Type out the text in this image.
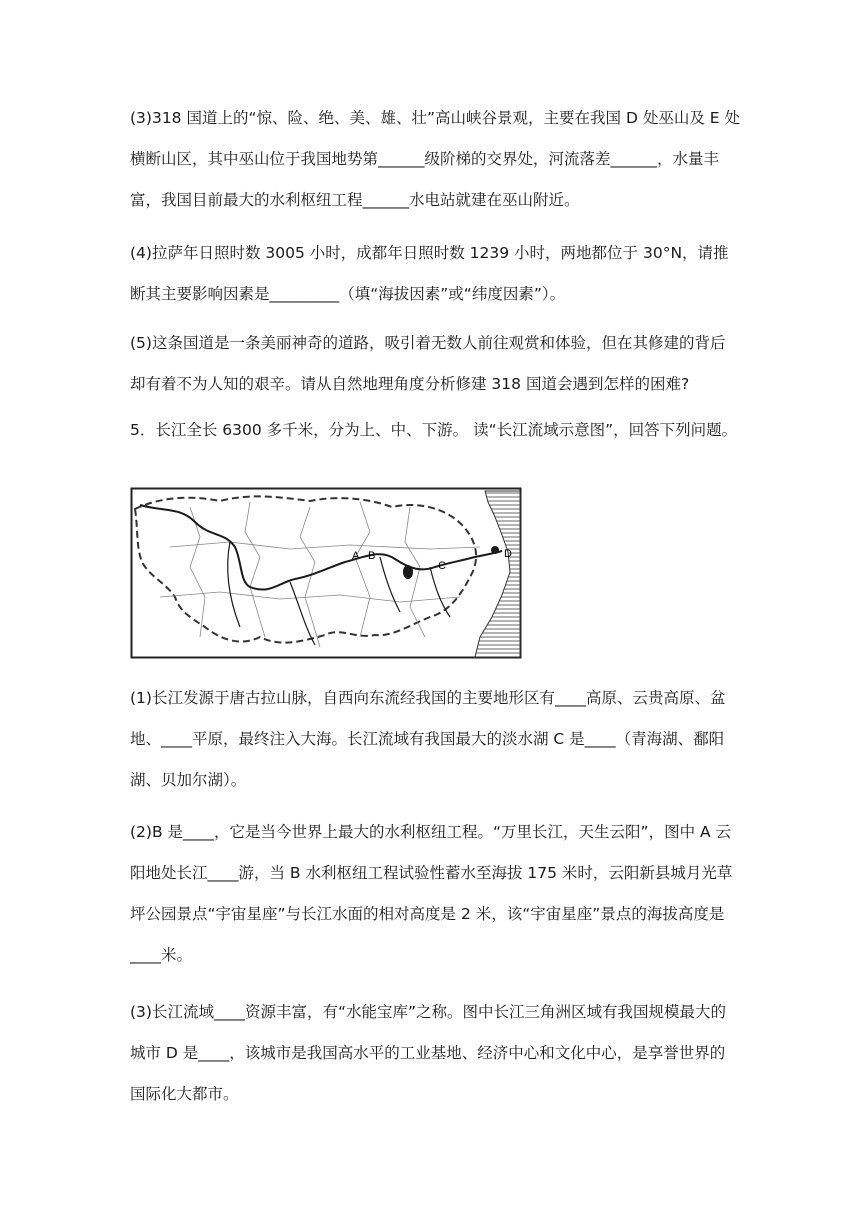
(3)318 国道上的“惊、险、绝、美、雄、壮”高山峡谷景观，主要在我国 D 处巫山及 E 处横断山区，其中巫山位于我国地势第______级阶梯的交界处，河流落差______，水量丰富，我国目前最大的水利枢纽工程______水电站就建在巫山附近。

(4)拉萨年日照时数 3005 小时，成都年日照时数 1239 小时，两地都位于 30°N，请推断其主要影响因素是_________（填“海拔因素”或“纬度因素”）。

(5)这条国道是一条美丽神奇的道路，吸引着无数人前往观赏和体验，但在其修建的背后却有着不为人知的艰辛。请从自然地理角度分析修建 318 国道会遇到怎样的困难?

5．长江全长 6300 多千米，分为上、中、下游。 读“长江流域示意图”，回答下列问题。

A B
C
D

(1)长江发源于唐古拉山脉，自西向东流经我国的主要地形区有____高原、云贵高原、盆地、____平原，最终注入大海。长江流域有我国最大的淡水湖 C 是____（青海湖、鄱阳湖、贝加尔湖）。

(2)B 是____，它是当今世界上最大的水利枢纽工程。“万里长江，天生云阳”，图中 A 云阳地处长江____游，当 B 水利枢纽工程试验性蓄水至海拔 175 米时，云阳新县城月光草坪公园景点“宇宙星座”与长江水面的相对高度是 2 米，该“宇宙星座”景点的海拔高度是____米。

(3)长江流域____资源丰富，有“水能宝库”之称。图中长江三角洲区域有我国规模最大的城市 D 是____，该城市是我国高水平的工业基地、经济中心和文化中心，是享誉世界的国际化大都市。
